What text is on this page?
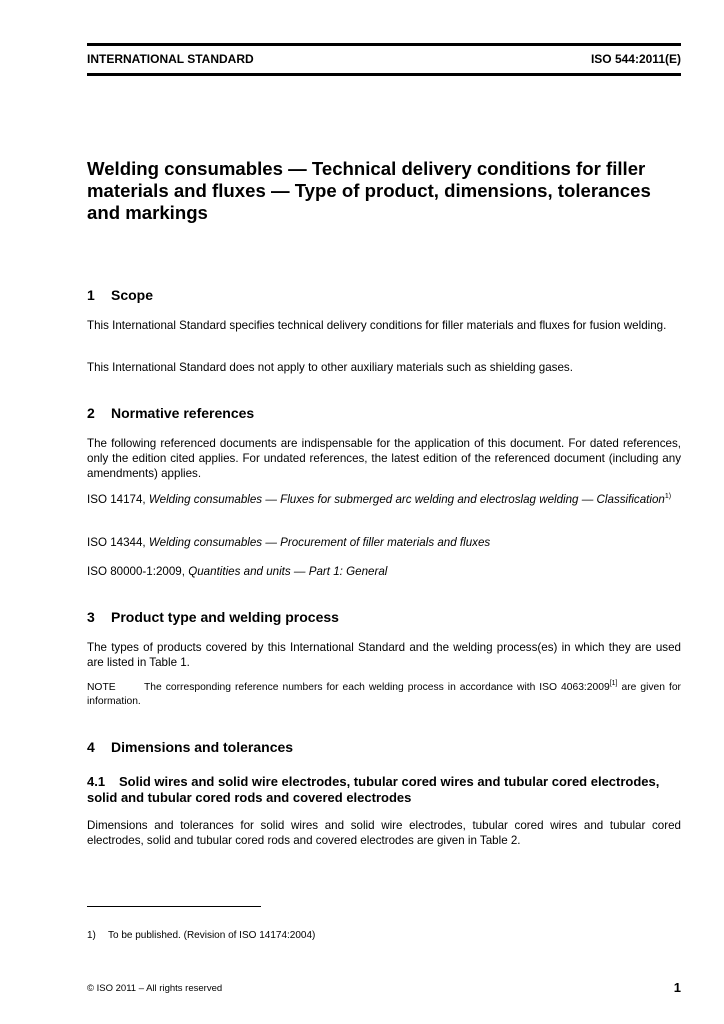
INTERNATIONAL STANDARD	ISO 544:2011(E)
Welding consumables — Technical delivery conditions for filler materials and fluxes — Type of product, dimensions, tolerances and markings
1 Scope

This International Standard specifies technical delivery conditions for filler materials and fluxes for fusion welding.

This International Standard does not apply to other auxiliary materials such as shielding gases.

2 Normative references

The following referenced documents are indispensable for the application of this document. For dated references, only the edition cited applies. For undated references, the latest edition of the referenced document (including any amendments) applies.

ISO 14174, Welding consumables — Fluxes for submerged arc welding and electroslag welding — Classification$^{1)}$

ISO 14344, Welding consumables — Procurement of filler materials and fluxes

ISO 80000-1:2009, Quantities and units — Part 1: General

3 Product type and welding process

The types of products covered by this International Standard and the welding process(es) in which they are used are listed in Table 1.

NOTE	The corresponding reference numbers for each welding process in accordance with ISO 4063:2009[1] are given for information.

4 Dimensions and tolerances
4.1 Solid wires and solid wire electrodes, tubular cored wires and tubular cored electrodes, solid and tubular cored rods and covered electrodes

Dimensions and tolerances for solid wires and solid wire electrodes, tubular cored wires and tubular cored electrodes, solid and tubular cored rods and covered electrodes are given in Table 2.

1) To be published. (Revision of ISO 14174:2004)

© ISO 2011 – All rights reserved	1
